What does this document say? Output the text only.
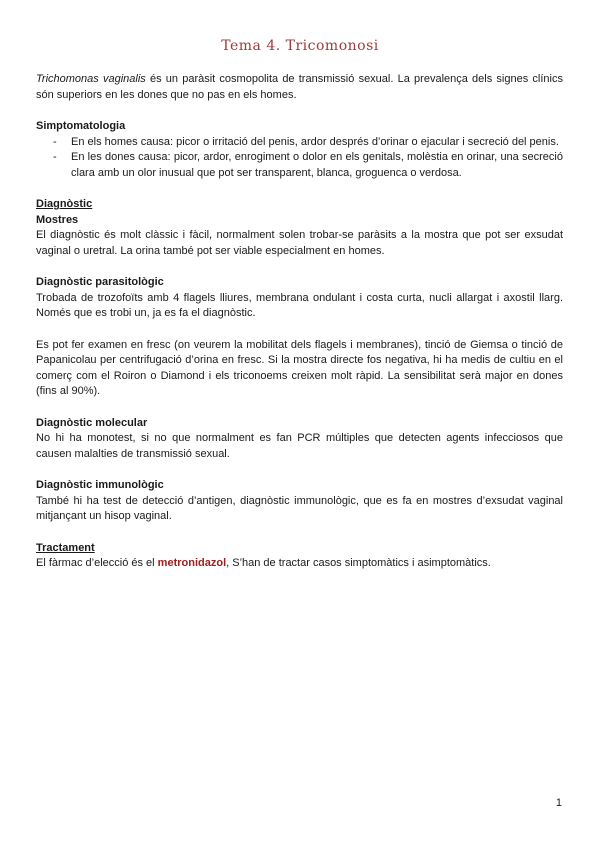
Tema 4. Tricomonosi

Trichomonas vaginalis és un paràsit cosmopolita de transmissió sexual. La prevalença dels signes clínics són superiors en les dones que no pas en els homes.

Simptomatologia

- En els homes causa: picor o irritació del penis, ardor després d’orinar o ejacular i secreció del penis.
- En les dones causa: picor, ardor, enrogiment o dolor en els genitals, molèstia en orinar, una secreció clara amb un olor inusual que pot ser transparent, blanca, groguenca o verdosa.

Diagnòstic

Mostres

El diagnòstic és molt clàssic i fàcil, normalment solen trobar-se paràsits a la mostra que pot ser exsudat vaginal o uretral. La orina també pot ser viable especialment en homes.

Diagnòstic parasitològic

Trobada de trozofoïts amb 4 flagels lliures, membrana ondulant i costa curta, nucli allargat i axostil llarg. Només que es trobi un, ja es fa el diagnòstic.

Es pot fer examen en fresc (on veurem la mobilitat dels flagels i membranes), tinció de Giemsa o tinció de Papanicolau per centrifugació d’orina en fresc. Si la mostra directe fos negativa, hi ha medis de cultiu en el comerç com el Roiron o Diamond i els triconoems creixen molt ràpid. La sensibilitat serà major en dones (fins al 90%).

Diagnòstic molecular

No hi ha monotest, si no que normalment es fan PCR múltiples que detecten agents infecciosos que causen malalties de transmissió sexual.

Diagnòstic immunològic

També hi ha test de detecció d’antigen, diagnòstic immunològic, que es fa en mostres d’exsudat vaginal mitjançant un hisop vaginal.

Tractament

El fàrmac d’elecció és el metronidazol, S’han de tractar casos simptomàtics i asimptomàtics.

1
